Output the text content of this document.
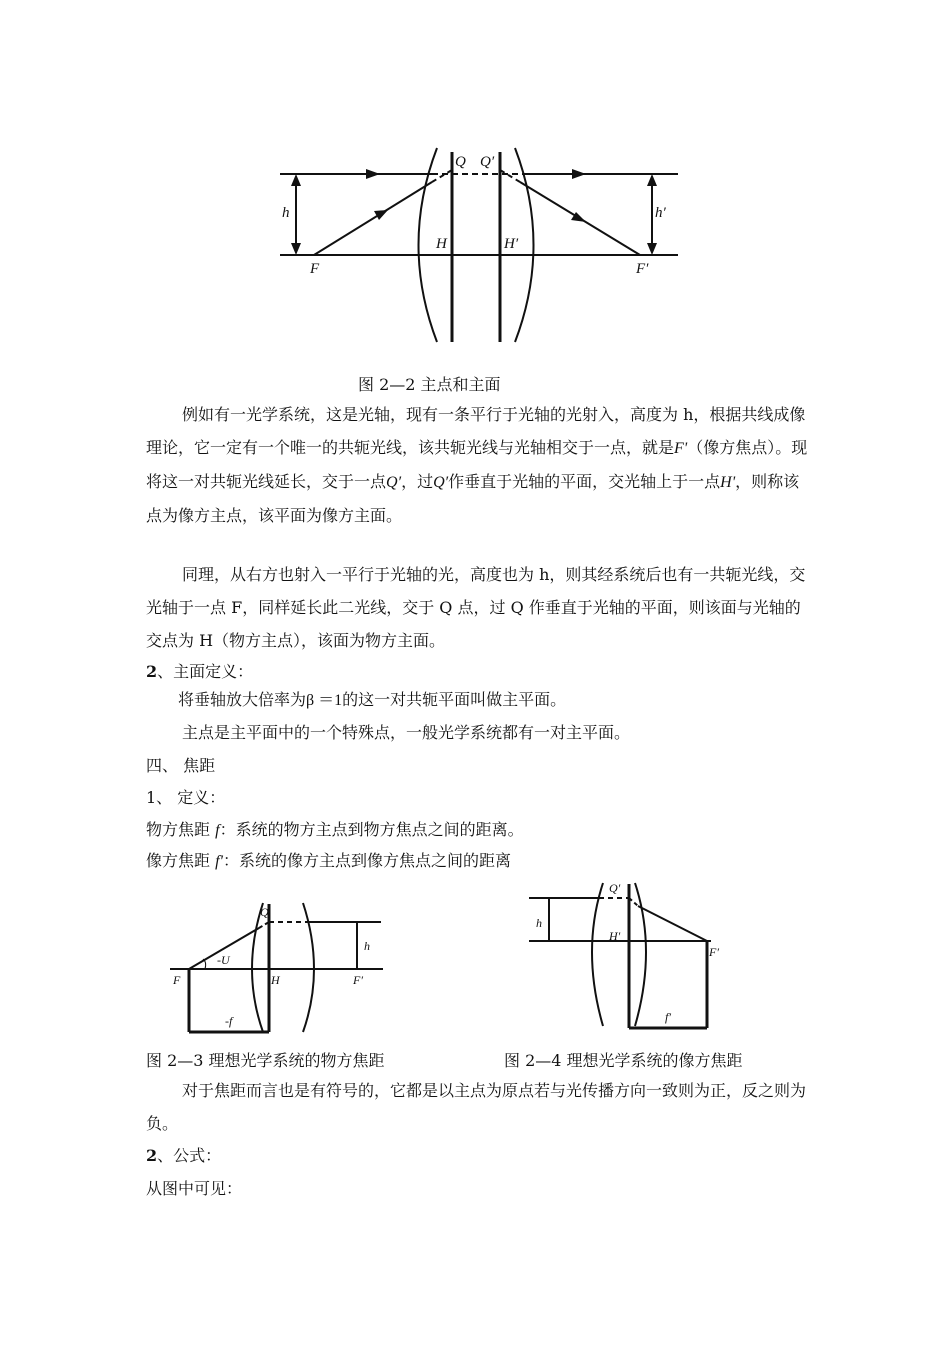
Q Q′
h	h′
H	H′
F	F′
图 2—2 主点和主面

例如有一光学系统，这是光轴，现有一条平行于光轴的光射入，高度为 h，根据共线成像理论，它一定有一个唯一的共轭光线，该共轭光线与光轴相交于一点，就是F'（像方焦点）。现将这一对共轭光线延长，交于一点Q′，过Q′作垂直于光轴的平面，交光轴上于一点H'，则称该点为像方主点，该平面为像方主面。

同理，从右方也射入一平行于光轴的光，高度也为 h，则其经系统后也有一共轭光线，交光轴于一点 F，同样延长此二光线，交于 Q 点，过 Q 作垂直于光轴的平面，则该面与光轴的交点为 H（物方主点），该面为物方主面。

2、主面定义：
将垂轴放大倍率为β ＝1的这一对共轭平面叫做主平面。
主点是主平面中的一个特殊点，一般光学系统都有一对主平面。
四、 焦距
1、 定义：
物方焦距 f：系统的物方主点到物方焦点之间的距离。
像方焦距 f'：系统的像方主点到像方焦点之间的距离
Q
h
-U
F	H	F′
-f
Q′
h
H′
F′
f′
图 2—3 理想光学系统的物方焦距	图 2—4 理想光学系统的像方焦距

对于焦距而言也是有符号的，它都是以主点为原点若与光传播方向一致则为正，反之则为负。

2、公式：
从图中可见：
